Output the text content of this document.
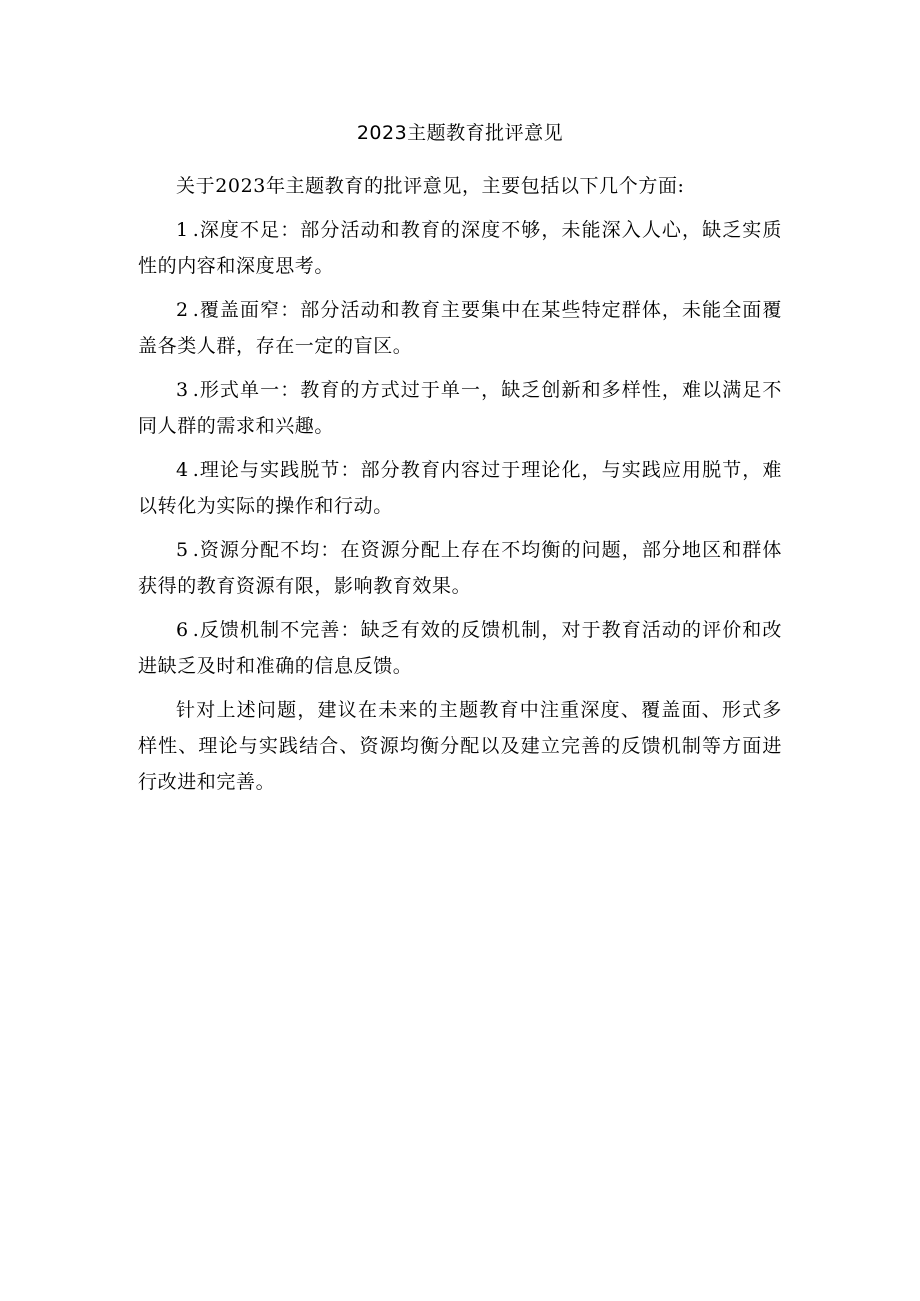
2023主题教育批评意见

关于2023年主题教育的批评意见，主要包括以下几个方面:

1 .深度不足：部分活动和教育的深度不够，未能深入人心，缺乏实质性的内容和深度思考。

2 .覆盖面窄：部分活动和教育主要集中在某些特定群体，未能全面覆盖各类人群，存在一定的盲区。

3 .形式单一：教育的方式过于单一，缺乏创新和多样性，难以满足不同人群的需求和兴趣。

4 .理论与实践脱节：部分教育内容过于理论化，与实践应用脱节，难以转化为实际的操作和行动。

5 .资源分配不均：在资源分配上存在不均衡的问题，部分地区和群体获得的教育资源有限，影响教育效果。

6 .反馈机制不完善：缺乏有效的反馈机制，对于教育活动的评价和改进缺乏及时和准确的信息反馈。

针对上述问题，建议在未来的主题教育中注重深度、覆盖面、形式多样性、理论与实践结合、资源均衡分配以及建立完善的反馈机制等方面进行改进和完善。
